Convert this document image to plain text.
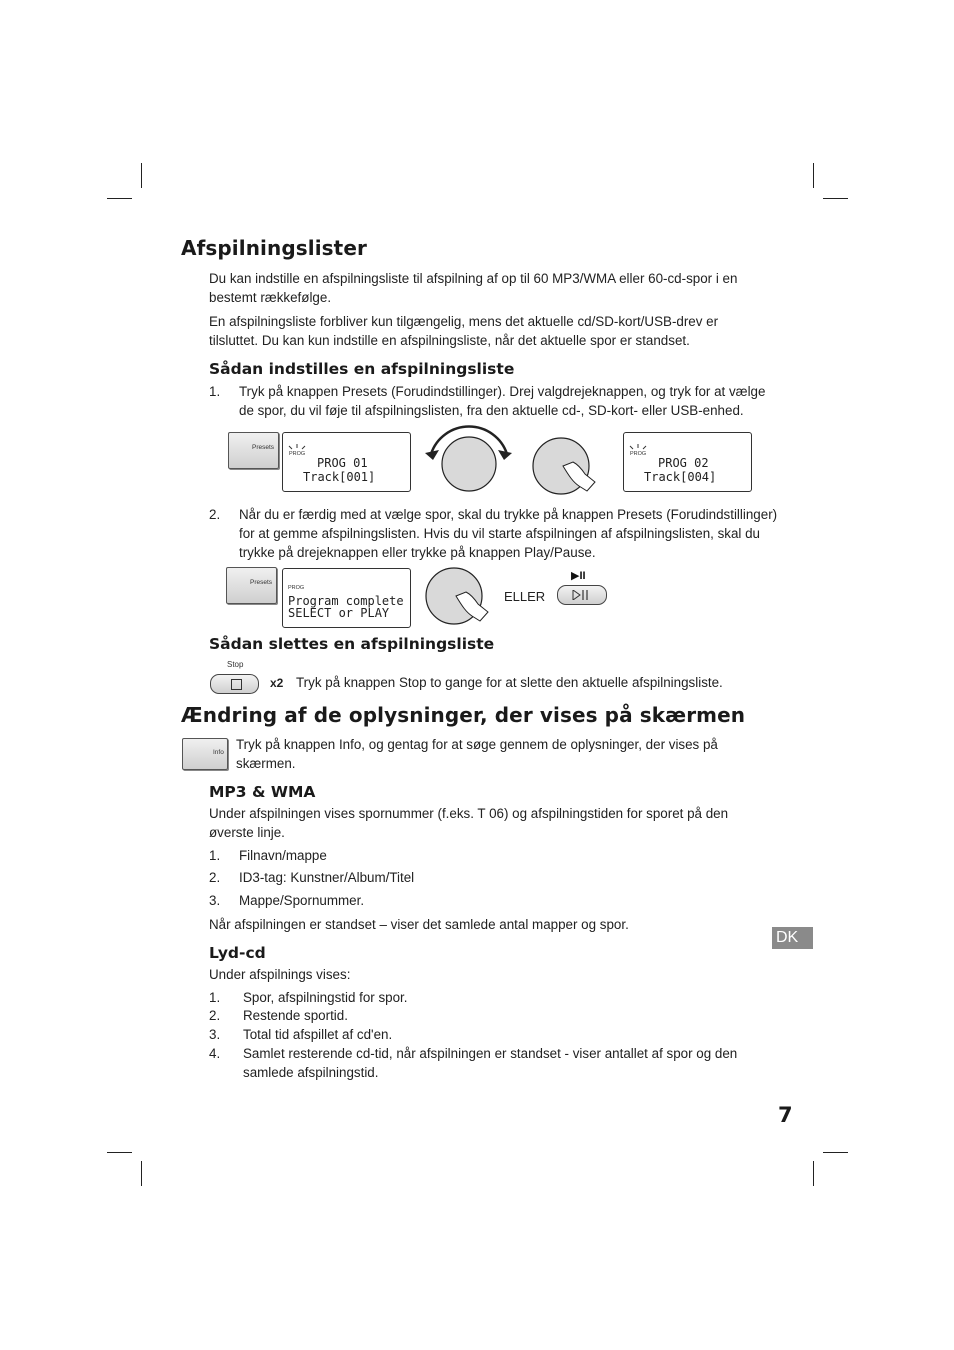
Afspilningslister
Du kan indstille en afspilningsliste til afspilning af op til 60 MP3/WMA eller 60-cd-spor i en bestemt rækkefølge.
En afspilningsliste forbliver kun tilgængelig, mens det aktuelle cd/SD-kort/USB-drev er tilsluttet. Du kan kun indstille en afspilningsliste, når det aktuelle spor er standset.
Sådan indstilles en afspilningsliste
1. Tryk på knappen Presets (Forudindstillinger). Drej valgdrejeknappen, og tryk for at vælge de spor, du vil føje til afspilningslisten, fra den aktuelle cd-, SD-kort- eller USB-enhed.
Presets
PROG
PROG 01
Track[001]
PROG
PROG 02
Track[004]
2. Når du er færdig med at vælge spor, skal du trykke på knappen Presets (Forudindstillinger) for at gemme afspilningslisten. Hvis du vil starte afspilningen af afspilningslisten, skal du trykke på drejeknappen eller trykke på knappen Play/Pause.
Presets
PROG
Program complete
SELECT or PLAY
ELLER
▶II
Sådan slettes en afspilningsliste
Stop
x2 Tryk på knappen Stop to gange for at slette den aktuelle afspilningsliste.
Ændring af de oplysninger, der vises på skærmen
Info
Tryk på knappen Info, og gentag for at søge gennem de oplysninger, der vises på skærmen.
MP3 & WMA
Under afspilningen vises spornummer (f.eks. T 06) og afspilningstiden for sporet på den øverste linje.
1. Filnavn/mappe
2. ID3-tag: Kunstner/Album/Titel
3. Mappe/Spornummer.
Når afspilningen er standset – viser det samlede antal mapper og spor.
DK
Lyd-cd
Under afspilnings vises:
1. Spor, afspilningstid for spor.
2. Restende sportid.
3. Total tid afspillet af cd'en.
4. Samlet resterende cd-tid, når afspilningen er standset - viser antallet af spor og den samlede afspilningstid.
7
